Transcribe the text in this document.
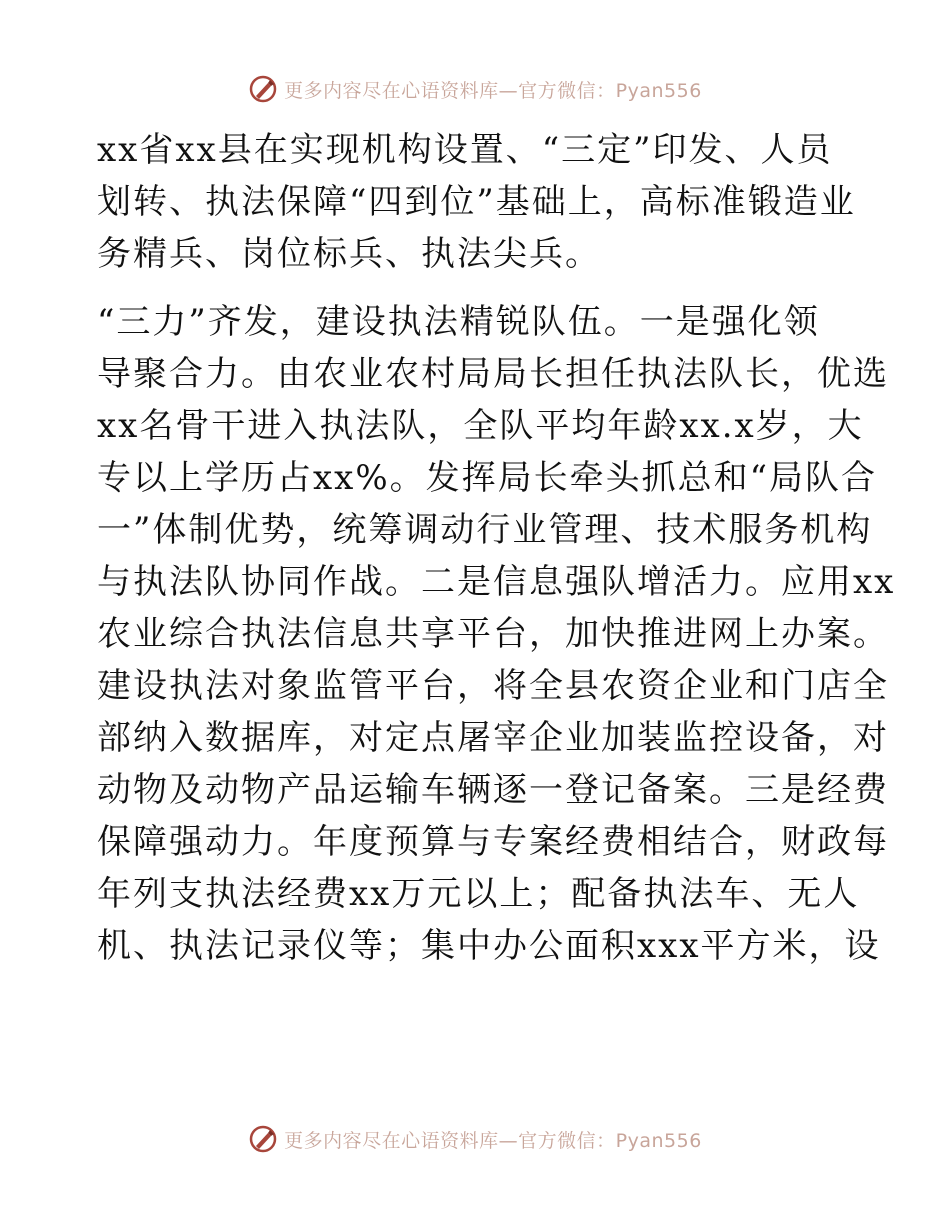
更多内容尽在心语资料库—官方微信：Pyan556
xx省xx县在实现机构设置、“三定”印发、人员
划转、执法保障“四到位”基础上，高标准锻造业
务精兵、岗位标兵、执法尖兵。
“三力”齐发，建设执法精锐队伍。一是强化领
导聚合力。由农业农村局局长担任执法队长，优选
xx名骨干进入执法队，全队平均年龄xx.x岁，大
专以上学历占xx%。发挥局长牵头抓总和“局队合
一”体制优势，统筹调动行业管理、技术服务机构
与执法队协同作战。二是信息强队增活力。应用xx
农业综合执法信息共享平台，加快推进网上办案。
建设执法对象监管平台，将全县农资企业和门店全
部纳入数据库，对定点屠宰企业加装监控设备，对
动物及动物产品运输车辆逐一登记备案。三是经费
保障强动力。年度预算与专案经费相结合，财政每
年列支执法经费xx万元以上；配备执法车、无人
机、执法记录仪等；集中办公面积xxx平方米，设
更多内容尽在心语资料库—官方微信：Pyan556
